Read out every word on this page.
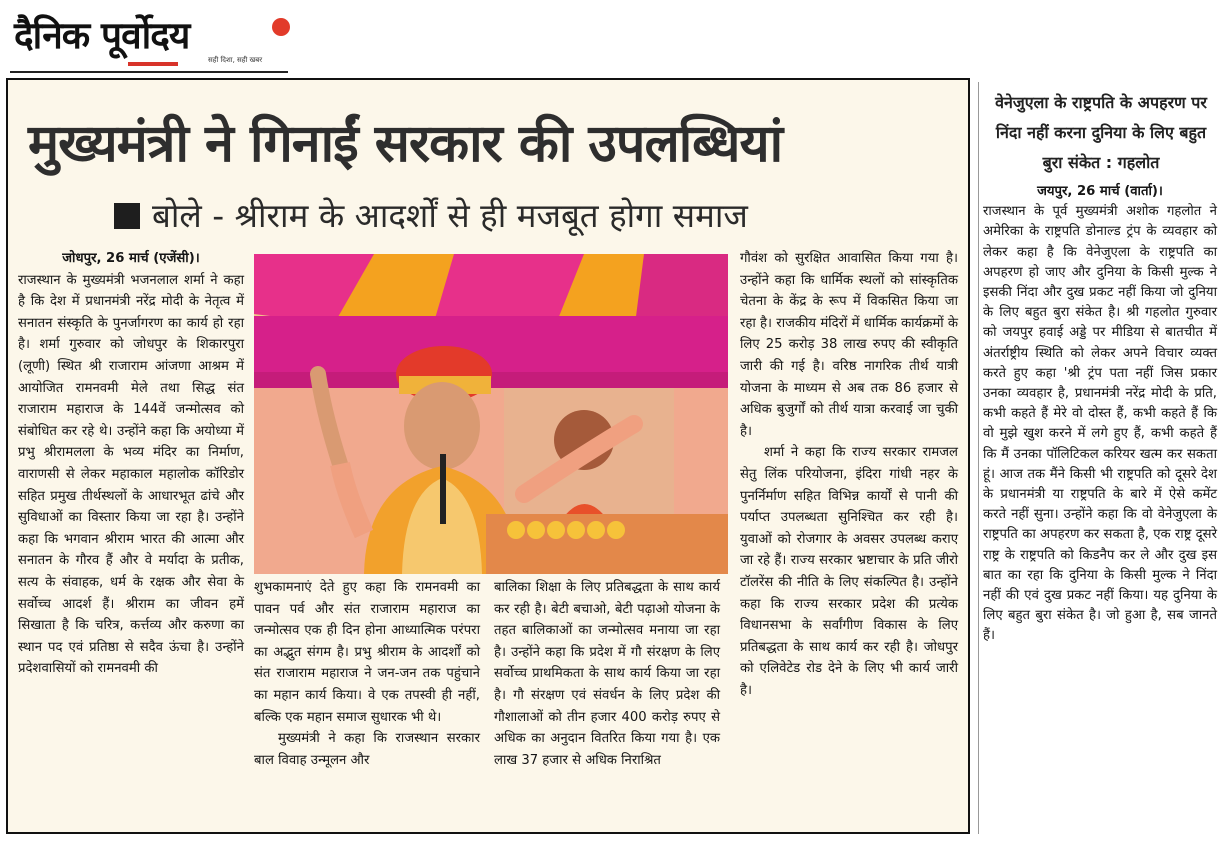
दैनिक पूर्वोदय
सही दिशा, सही खबर
मुख्यमंत्री ने गिनाईं सरकार की उपलब्धियां
बोले - श्रीराम के आदर्शों से ही मजबूत होगा समाज
जोधपुर, 26 मार्च (एजेंसी)।
राजस्थान के मुख्यमंत्री भजनलाल शर्मा ने कहा है कि देश में प्रधानमंत्री नरेंद्र मोदी के नेतृत्व में सनातन संस्कृति के पुनर्जागरण का कार्य हो रहा है। शर्मा गुरुवार को जोधपुर के शिकारपुरा (लूणी) स्थित श्री राजाराम आंजणा आश्रम में आयोजित रामनवमी मेले तथा सिद्ध संत राजाराम महाराज के 144वें जन्मोत्सव को संबोधित कर रहे थे। उन्होंने कहा कि अयोध्या में प्रभु श्रीरामलला के भव्य मंदिर का निर्माण, वाराणसी से लेकर महाकाल महालोक कॉरिडोर सहित प्रमुख तीर्थस्थलों के आधारभूत ढांचे और सुविधाओं का विस्तार किया जा रहा है। उन्होंने कहा कि भगवान श्रीराम भारत की आत्मा और सनातन के गौरव हैं और वे मर्यादा के प्रतीक, सत्य के संवाहक, धर्म के रक्षक और सेवा के सर्वोच्च आदर्श हैं। श्रीराम का जीवन हमें सिखाता है कि चरित्र, कर्त्तव्य और करुणा का स्थान पद एवं प्रतिष्ठा से सदैव ऊंचा है। उन्होंने प्रदेशवासियों को रामनवमी की
शुभकामनाएं देते हुए कहा कि रामनवमी का पावन पर्व और संत राजाराम महाराज का जन्मोत्सव एक ही दिन होना आध्यात्मिक परंपरा का अद्भुत संगम है। प्रभु श्रीराम के आदर्शों को संत राजाराम महाराज ने जन-जन तक पहुंचाने का महान कार्य किया। वे एक तपस्वी ही नहीं, बल्कि एक महान समाज सुधारक भी थे।
मुख्यमंत्री ने कहा कि राजस्थान सरकार बाल विवाह उन्मूलन और
बालिका शिक्षा के लिए प्रतिबद्धता के साथ कार्य कर रही है। बेटी बचाओ, बेटी पढ़ाओ योजना के तहत बालिकाओं का जन्मोत्सव मनाया जा रहा है। उन्होंने कहा कि प्रदेश में गौ संरक्षण के लिए सर्वोच्च प्राथमिकता के साथ कार्य किया जा रहा है। गौ संरक्षण एवं संवर्धन के लिए प्रदेश की गौशालाओं को तीन हजार 400 करोड़ रुपए से अधिक का अनुदान वितरित किया गया है। एक लाख 37 हजार से अधिक निराश्रित
गौवंश को सुरक्षित आवासित किया गया है। उन्होंने कहा कि धार्मिक स्थलों को सांस्कृतिक चेतना के केंद्र के रूप में विकसित किया जा रहा है। राजकीय मंदिरों में धार्मिक कार्यक्रमों के लिए 25 करोड़ 38 लाख रुपए की स्वीकृति जारी की गई है। वरिष्ठ नागरिक तीर्थ यात्री योजना के माध्यम से अब तक 86 हजार से अधिक बुजुर्गों को तीर्थ यात्रा करवाई जा चुकी है।
शर्मा ने कहा कि राज्य सरकार रामजल सेतु लिंक परियोजना, इंदिरा गांधी नहर के पुनर्निर्माण सहित विभिन्न कार्यों से पानी की पर्याप्त उपलब्धता सुनिश्चित कर रही है। युवाओं को रोजगार के अवसर उपलब्ध कराए जा रहे हैं। राज्य सरकार भ्रष्टाचार के प्रति जीरो टॉलरेंस की नीति के लिए संकल्पित है। उन्होंने कहा कि राज्य सरकार प्रदेश की प्रत्येक विधानसभा के सर्वांगीण विकास के लिए प्रतिबद्धता के साथ कार्य कर रही है। जोधपुर को एलिवेटेड रोड देने के लिए भी कार्य जारी है।
वेनेजुएला के राष्ट्रपति के अपहरण पर निंदा नहीं करना दुनिया के लिए बहुत बुरा संकेत : गहलोत
जयपुर, 26 मार्च (वार्ता)।
राजस्थान के पूर्व मुख्यमंत्री अशोक गहलोत ने अमेरिका के राष्ट्रपति डोनाल्ड ट्रंप के व्यवहार को लेकर कहा है कि वेनेजुएला के राष्ट्रपति का अपहरण हो जाए और दुनिया के किसी मुल्क ने इसकी निंदा और दुख प्रकट नहीं किया जो दुनिया के लिए बहुत बुरा संकेत है। श्री गहलोत गुरुवार को जयपुर हवाई अड्डे पर मीडिया से बातचीत में अंतर्राष्ट्रीय स्थिति को लेकर अपने विचार व्यक्त करते हुए कहा 'श्री ट्रंप पता नहीं जिस प्रकार उनका व्यवहार है, प्रधानमंत्री नरेंद्र मोदी के प्रति, कभी कहते हैं मेरे वो दोस्त हैं, कभी कहते हैं कि वो मुझे खुश करने में लगे हुए हैं, कभी कहते हैं कि मैं उनका पॉलिटिकल करियर खत्म कर सकता हूं। आज तक मैंने किसी भी राष्ट्रपति को दूसरे देश के प्रधानमंत्री या राष्ट्रपति के बारे में ऐसे कमेंट करते नहीं सुना। उन्होंने कहा कि वो वेनेजुएला के राष्ट्रपति का अपहरण कर सकता है, एक राष्ट्र दूसरे राष्ट्र के राष्ट्रपति को किडनैप कर ले और दुख इस बात का रहा कि दुनिया के किसी मुल्क ने निंदा नहीं की एवं दुख प्रकट नहीं किया। यह दुनिया के लिए बहुत बुरा संकेत है। जो हुआ है, सब जानते हैं।
